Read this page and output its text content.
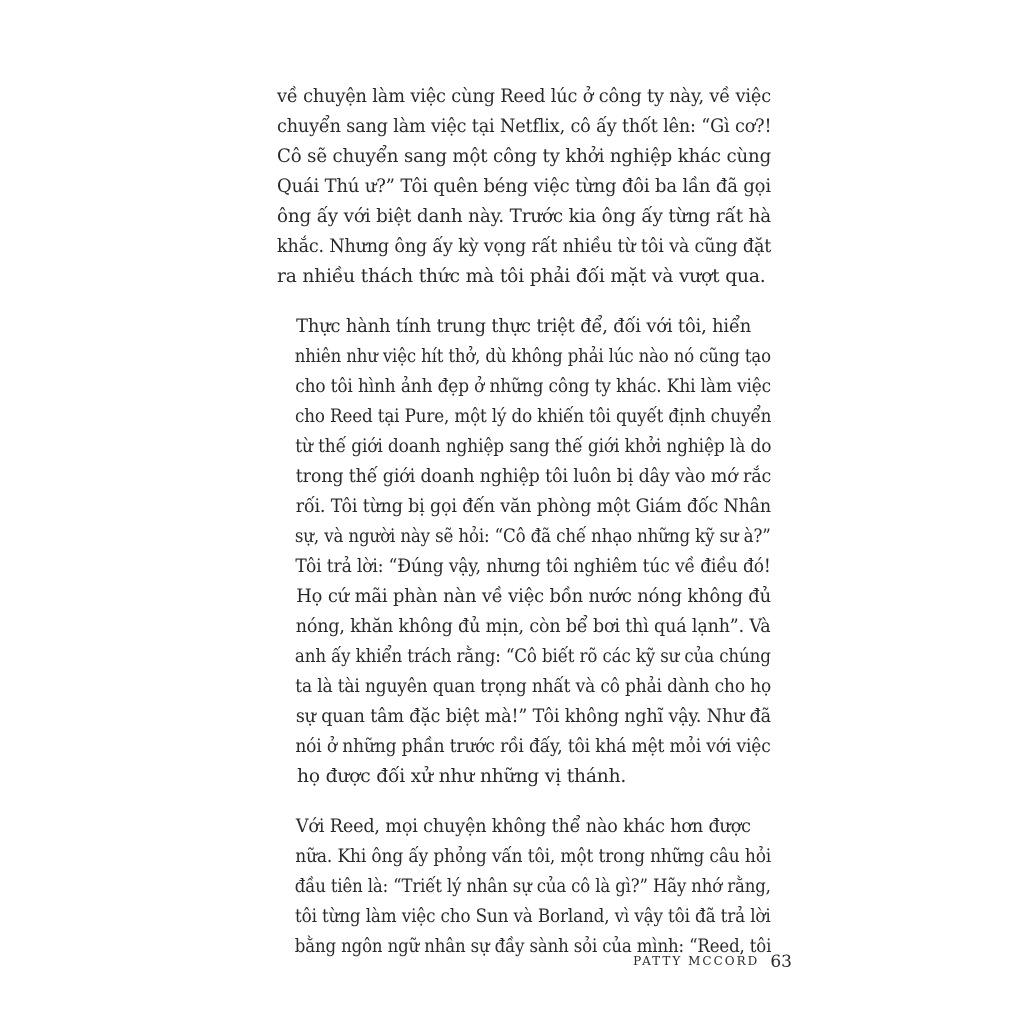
về chuyện làm việc cùng Reed lúc ở công ty này, về việc
chuyển sang làm việc tại Netflix, cô ấy thốt lên: “Gì cơ?!
Cô sẽ chuyển sang một công ty khởi nghiệp khác cùng
Quái Thú ư?” Tôi quên béng việc từng đôi ba lần đã gọi
ông ấy với biệt danh này. Trước kia ông ấy từng rất hà
khắc. Nhưng ông ấy kỳ vọng rất nhiều từ tôi và cũng đặt
ra nhiều thách thức mà tôi phải đối mặt và vượt qua.

Thực hành tính trung thực triệt để, đối với tôi, hiển
nhiên như việc hít thở, dù không phải lúc nào nó cũng tạo
cho tôi hình ảnh đẹp ở những công ty khác. Khi làm việc
cho Reed tại Pure, một lý do khiến tôi quyết định chuyển
từ thế giới doanh nghiệp sang thế giới khởi nghiệp là do
trong thế giới doanh nghiệp tôi luôn bị dây vào mớ rắc
rối. Tôi từng bị gọi đến văn phòng một Giám đốc Nhân
sự, và người này sẽ hỏi: “Cô đã chế nhạo những kỹ sư à?”
Tôi trả lời: “Đúng vậy, nhưng tôi nghiêm túc về điều đó!
Họ cứ mãi phàn nàn về việc bồn nước nóng không đủ
nóng, khăn không đủ mịn, còn bể bơi thì quá lạnh”. Và
anh ấy khiển trách rằng: “Cô biết rõ các kỹ sư của chúng
ta là tài nguyên quan trọng nhất và cô phải dành cho họ
sự quan tâm đặc biệt mà!” Tôi không nghĩ vậy. Như đã
nói ở những phần trước rồi đấy, tôi khá mệt mỏi với việc
họ được đối xử như những vị thánh.

Với Reed, mọi chuyện không thể nào khác hơn được
nữa. Khi ông ấy phỏng vấn tôi, một trong những câu hỏi
đầu tiên là: “Triết lý nhân sự của cô là gì?” Hãy nhớ rằng,
tôi từng làm việc cho Sun và Borland, vì vậy tôi đã trả lời
bằng ngôn ngữ nhân sự đầy sành sỏi của mình: “Reed, tôi

PATTY MCCORD 63
